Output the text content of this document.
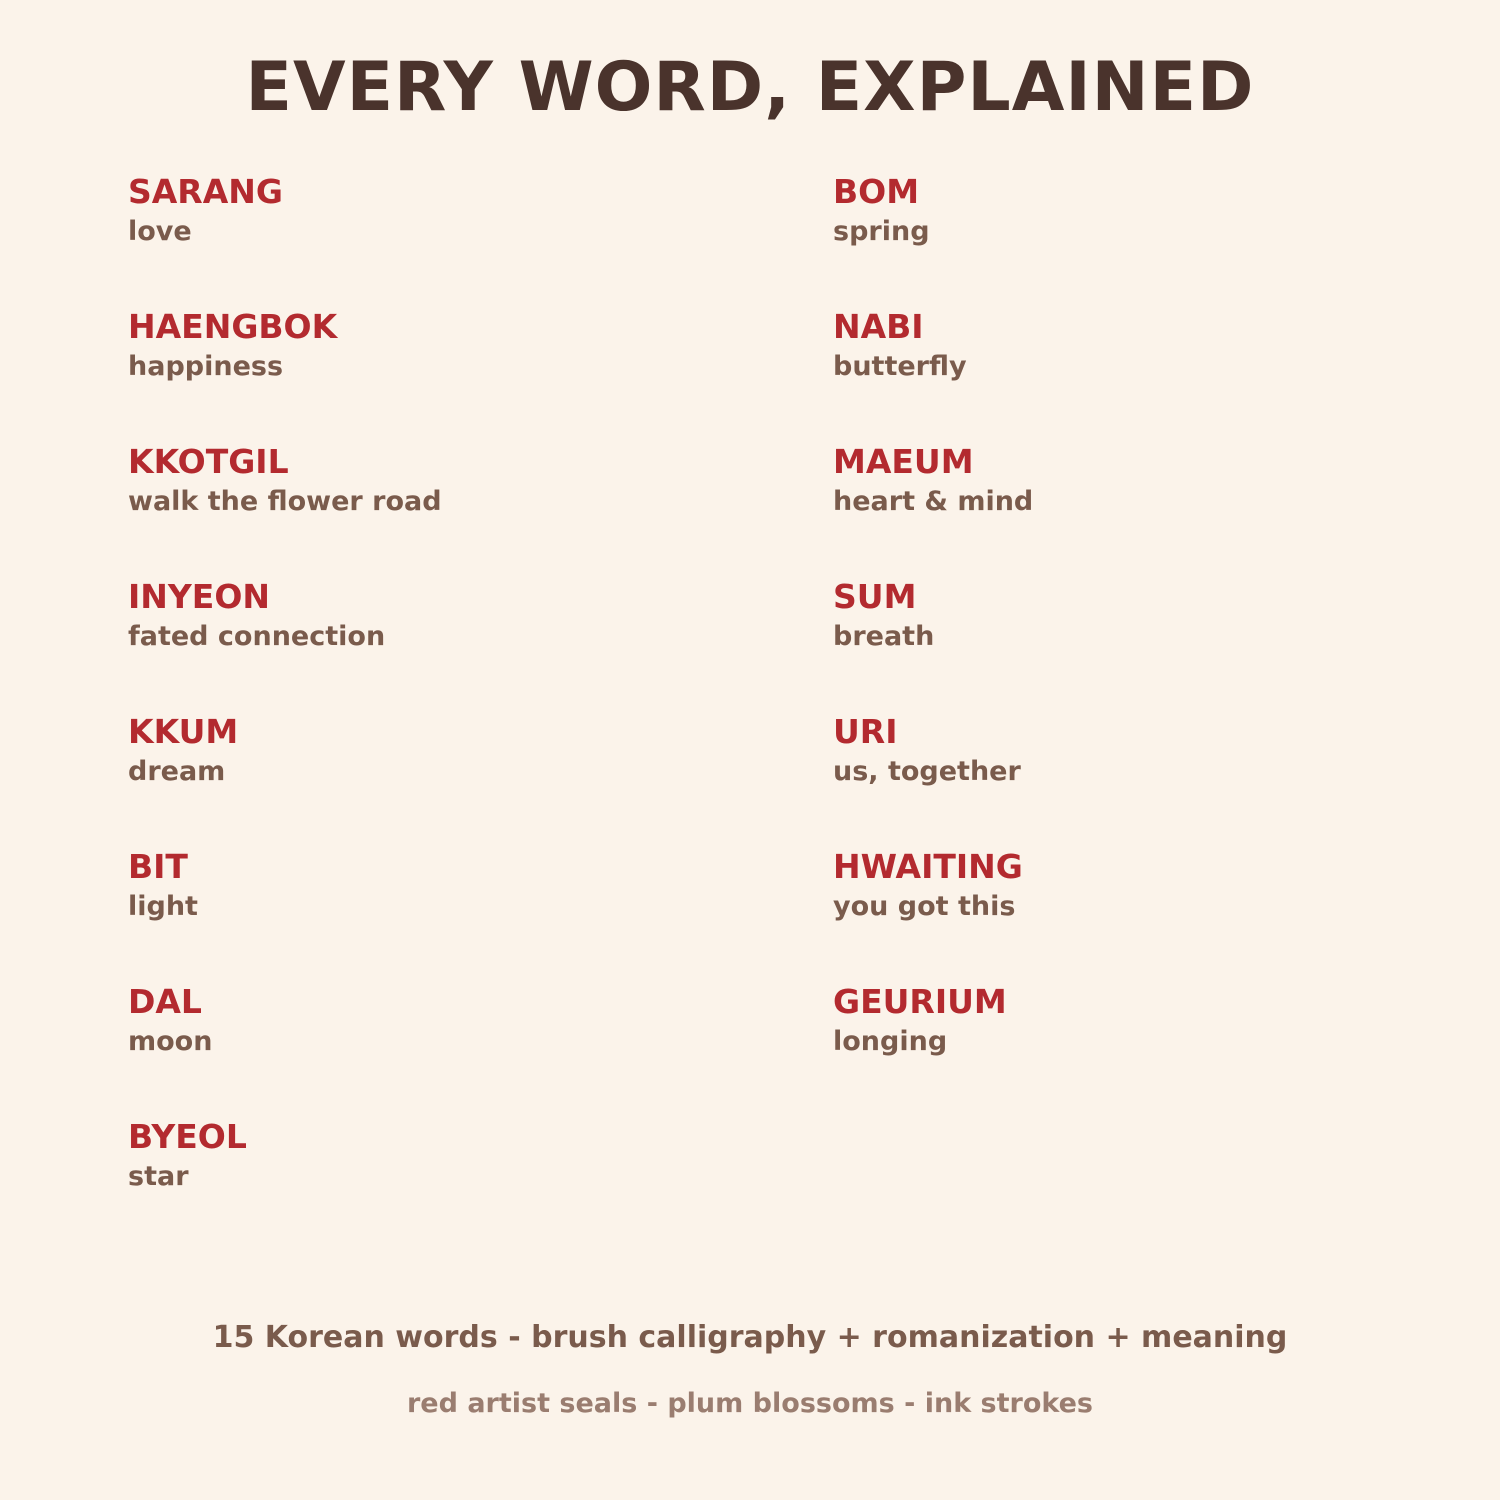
EVERY WORD, EXPLAINED
SARANG
love
HAENGBOK
happiness
KKOTGIL
walk the flower road
INYEON
fated connection
KKUM
dream
BIT
light
DAL
moon
BYEOL
star
BOM
spring
NABI
butterfly
MAEUM
heart & mind
SUM
breath
URI
us, together
HWAITING
you got this
GEURIUM
longing
15 Korean words - brush calligraphy + romanization + meaning
red artist seals - plum blossoms - ink strokes
